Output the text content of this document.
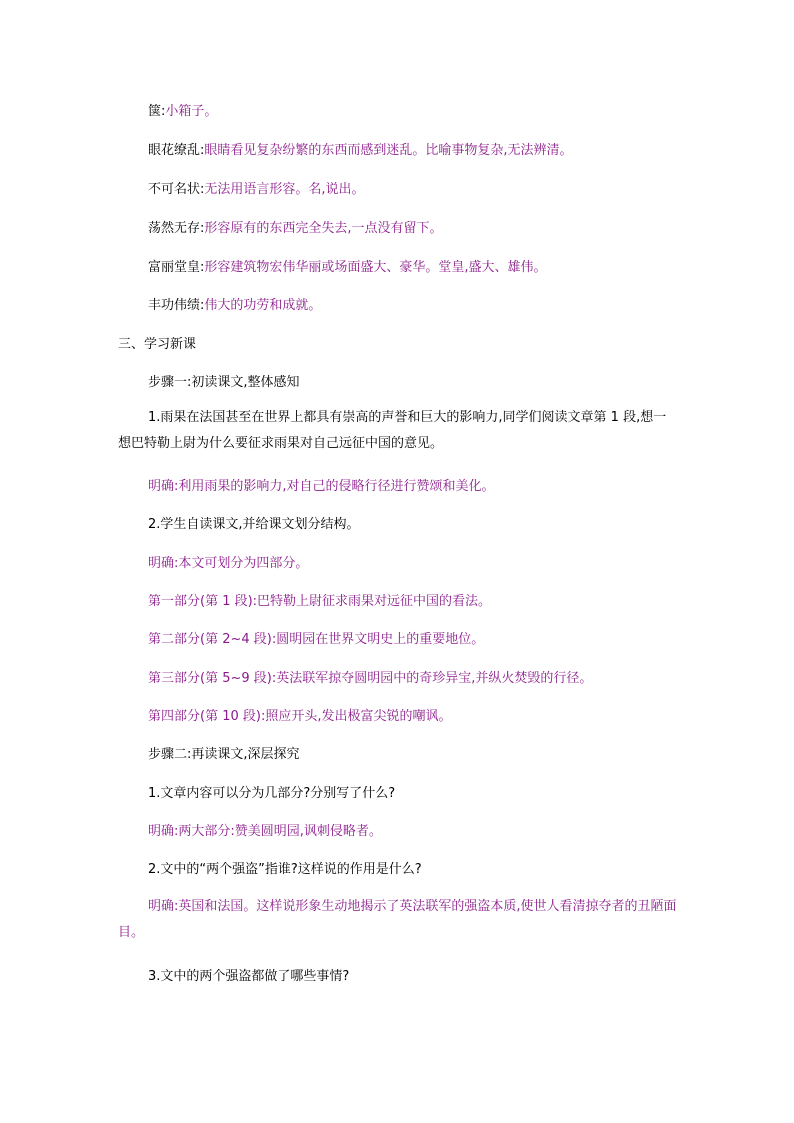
箧:小箱子。
眼花缭乱:眼睛看见复杂纷繁的东西而感到迷乱。比喻事物复杂,无法辨清。
不可名状:无法用语言形容。名,说出。
荡然无存:形容原有的东西完全失去,一点没有留下。
富丽堂皇:形容建筑物宏伟华丽或场面盛大、豪华。堂皇,盛大、雄伟。
丰功伟绩:伟大的功劳和成就。
三、学习新课
步骤一:初读课文,整体感知
1.雨果在法国甚至在世界上都具有崇高的声誉和巨大的影响力,同学们阅读文章第 1 段,想一想巴特勒上尉为什么要征求雨果对自己远征中国的意见。
明确:利用雨果的影响力,对自己的侵略行径进行赞颂和美化。
2.学生自读课文,并给课文划分结构。
明确:本文可划分为四部分。
第一部分(第 1 段):巴特勒上尉征求雨果对远征中国的看法。
第二部分(第 2~4 段):圆明园在世界文明史上的重要地位。
第三部分(第 5~9 段):英法联军掠夺圆明园中的奇珍异宝,并纵火焚毁的行径。
第四部分(第 10 段):照应开头,发出极富尖锐的嘲讽。
步骤二:再读课文,深层探究
1.文章内容可以分为几部分?分别写了什么?
明确:两大部分:赞美圆明园,讽刺侵略者。
2.文中的“两个强盗”指谁?这样说的作用是什么?
明确:英国和法国。这样说形象生动地揭示了英法联军的强盗本质,使世人看清掠夺者的丑陋面目。
3.文中的两个强盗都做了哪些事情?
